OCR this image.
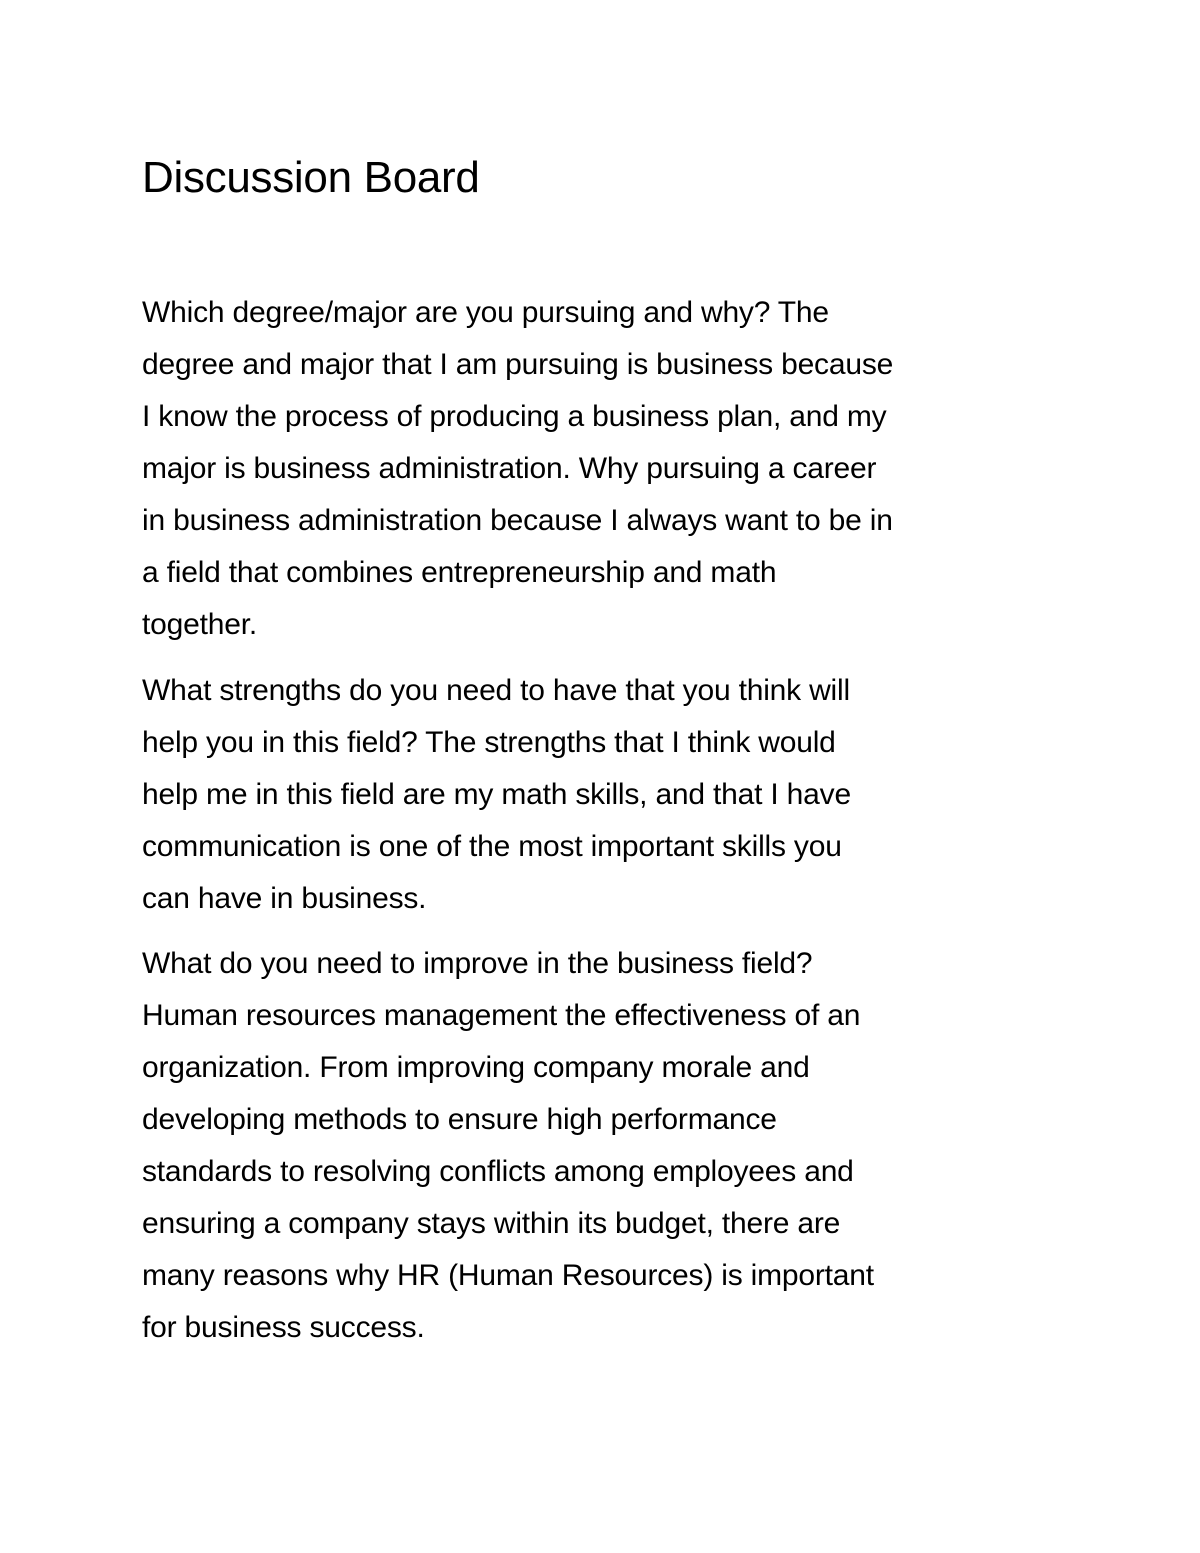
Discussion Board

Which degree/major are you pursuing and why? The
degree and major that I am pursuing is business because
I know the process of producing a business plan, and my
major is business administration. Why pursuing a career
in business administration because I always want to be in
a field that combines entrepreneurship and math
together.

What strengths do you need to have that you think will
help you in this field? The strengths that I think would
help me in this field are my math skills, and that I have
communication is one of the most important skills you
can have in business.

What do you need to improve in the business field?
Human resources management the effectiveness of an
organization. From improving company morale and
developing methods to ensure high performance
standards to resolving conflicts among employees and
ensuring a company stays within its budget, there are
many reasons why HR (Human Resources) is important
for business success.
